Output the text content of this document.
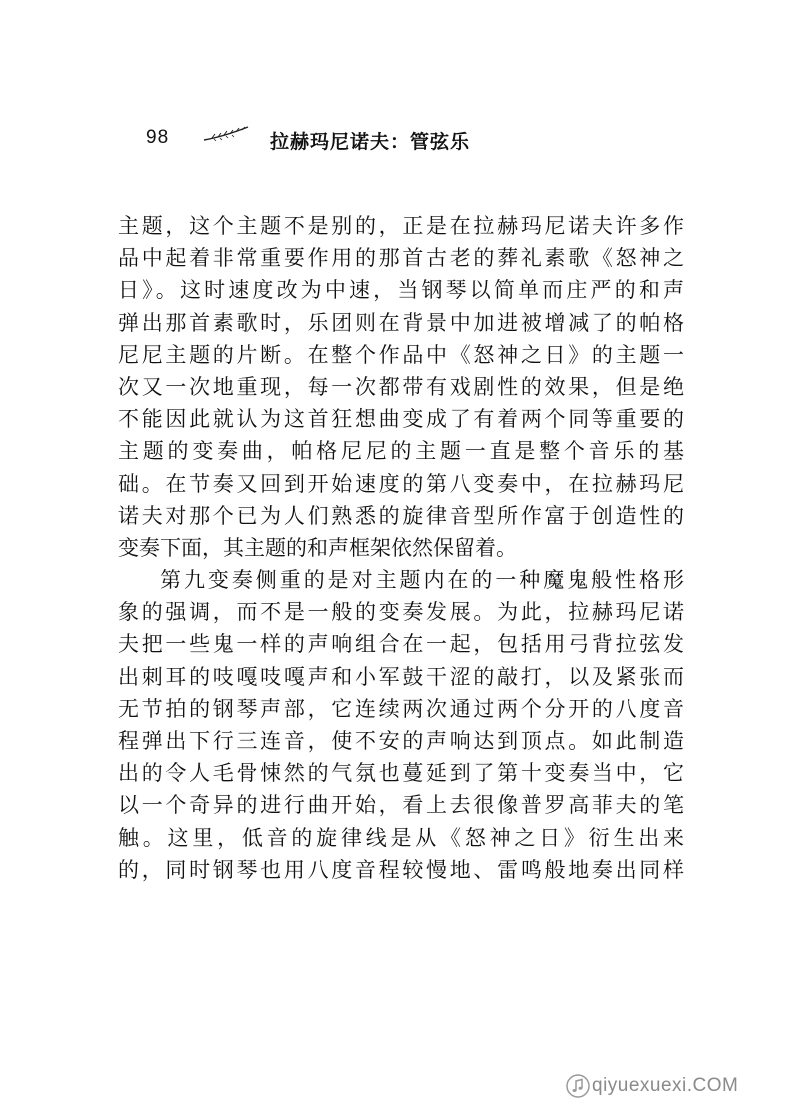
98	拉赫玛尼诺夫：管弦乐
主题，这个主题不是别的，正是在拉赫玛尼诺夫许多作
品中起着非常重要作用的那首古老的葬礼素歌《怒神之
日》。这时速度改为中速，当钢琴以简单而庄严的和声
弹出那首素歌时，乐团则在背景中加进被增减了的帕格
尼尼主题的片断。在整个作品中《怒神之日》的主题一
次又一次地重现，每一次都带有戏剧性的效果，但是绝
不能因此就认为这首狂想曲变成了有着两个同等重要的
主题的变奏曲，帕格尼尼的主题一直是整个音乐的基
础。在节奏又回到开始速度的第八变奏中，在拉赫玛尼
诺夫对那个已为人们熟悉的旋律音型所作富于创造性的
变奏下面，其主题的和声框架依然保留着。
第九变奏侧重的是对主题内在的一种魔鬼般性格形
象的强调，而不是一般的变奏发展。为此，拉赫玛尼诺
夫把一些鬼一样的声响组合在一起，包括用弓背拉弦发
出刺耳的吱嘎吱嘎声和小军鼓干涩的敲打，以及紧张而
无节拍的钢琴声部，它连续两次通过两个分开的八度音
程弹出下行三连音，使不安的声响达到顶点。如此制造
出的令人毛骨悚然的气氛也蔓延到了第十变奏当中，它
以一个奇异的进行曲开始，看上去很像普罗高菲夫的笔
触。这里，低音的旋律线是从《怒神之日》衍生出来
的，同时钢琴也用八度音程较慢地、雷鸣般地奏出同样
qiyuexuexi.COM
